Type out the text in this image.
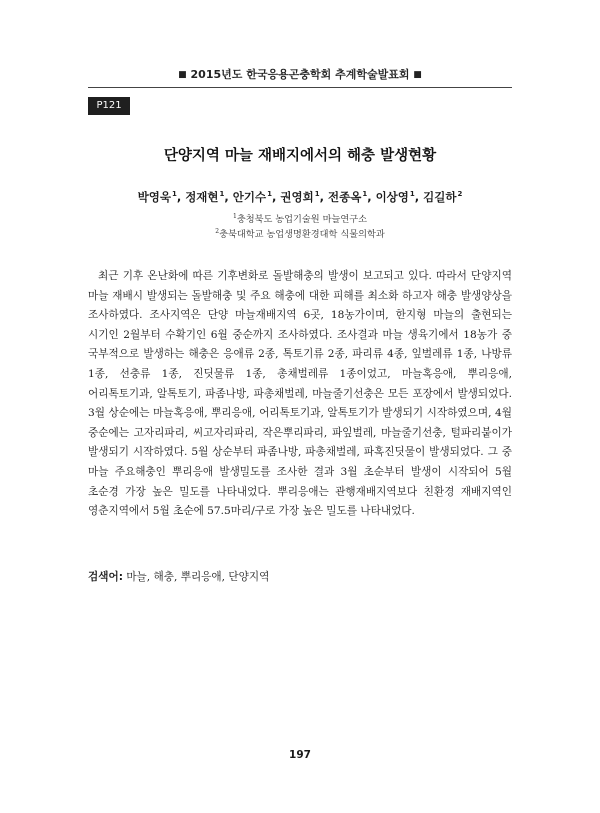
■ 2015년도 한국응용곤충학회 추계학술발표회 ■
P121
단양지역 마늘 재배지에서의 해충 발생현황
박영욱$^1$, 정재현$^1$, 안기수$^1$, 권영희$^1$, 전종옥$^1$, 이상영$^1$, 김길하$^2$
$^1$충청북도 농업기술원 마늘연구소
$^2$충북대학교 농업생명환경대학 식물의학과

최근 기후 온난화에 따른 기후변화로 돌발해충의 발생이 보고되고 있다. 따라서 단양지역 마늘 재배시 발생되는 돌발해충 및 주요 해충에 대한 피해를 최소화 하고자 해충 발생양상을 조사하였다. 조사지역은 단양 마늘재배지역 6곳, 18농가이며, 한지형 마늘의 출현되는 시기인 2월부터 수확기인 6월 중순까지 조사하였다. 조사결과 마늘 생육기에서 18농가 중 국부적으로 발생하는 해충은 응애류 2종, 톡토기류 2종, 파리류 4종, 잎벌레류 1종, 나방류 1종, 선충류 1종, 진딧물류 1종, 총채벌레류 1종이었고, 마늘혹응애, 뿌리응애, 어리톡토기과, 알톡토기, 파좀나방, 파총채벌레, 마늘줄기선충은 모든 포장에서 발생되었다. 3월 상순에는 마늘혹응애, 뿌리응애, 어리톡토기과, 알톡토기가 발생되기 시작하였으며, 4월 중순에는 고자리파리, 씨고자리파리, 작은뿌리파리, 파잎벌레, 마늘줄기선충, 털파리붙이가 발생되기 시작하였다. 5월 상순부터 파좀나방, 파총채벌레, 파혹진딧물이 발생되었다. 그 중 마늘 주요해충인 뿌리응애 발생밀도를 조사한 결과 3월 초순부터 발생이 시작되어 5월 초순경 가장 높은 밀도를 나타내었다. 뿌리응애는 관행재배지역보다 친환경 재배지역인 영춘지역에서 5월 초순에 57.5마리/구로 가장 높은 밀도를 나타내었다.

검색어: 마늘, 해충, 뿌리응애, 단양지역
197
